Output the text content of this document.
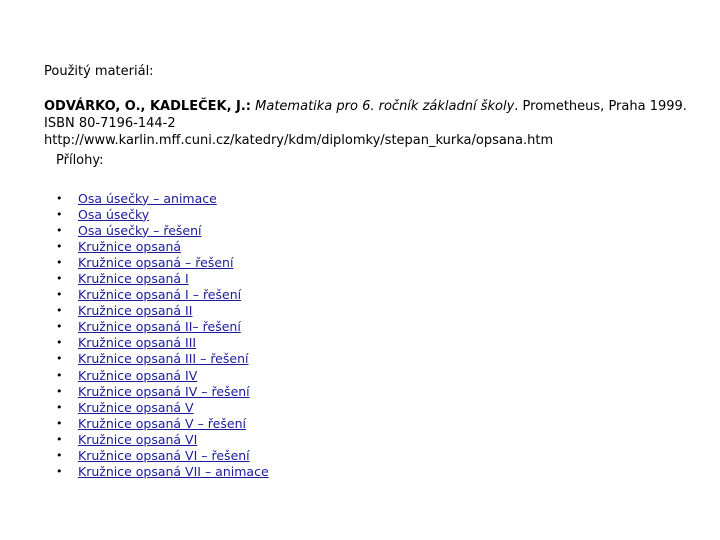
Použitý materiál:
ODVÁRKO, O., KADLEČEK, J.: Matematika pro 6. ročník základní školy. Prometheus, Praha 1999.
ISBN 80-7196-144-2
http://www.karlin.mff.cuni.cz/katedry/kdm/diplomky/stepan_kurka/opsana.htm
Přílohy:
•	Osa úsečky – animace
•	Osa úsečky
•	Osa úsečky – řešení
•	Kružnice opsaná
•	Kružnice opsaná – řešení
•	Kružnice opsaná I
•	Kružnice opsaná I – řešení
•	Kružnice opsaná II
•	Kružnice opsaná II– řešení
•	Kružnice opsaná III
•	Kružnice opsaná III – řešení
•	Kružnice opsaná IV
•	Kružnice opsaná IV – řešení
•	Kružnice opsaná V
•	Kružnice opsaná V – řešení
•	Kružnice opsaná VI
•	Kružnice opsaná VI – řešení
•	Kružnice opsaná VII – animace
